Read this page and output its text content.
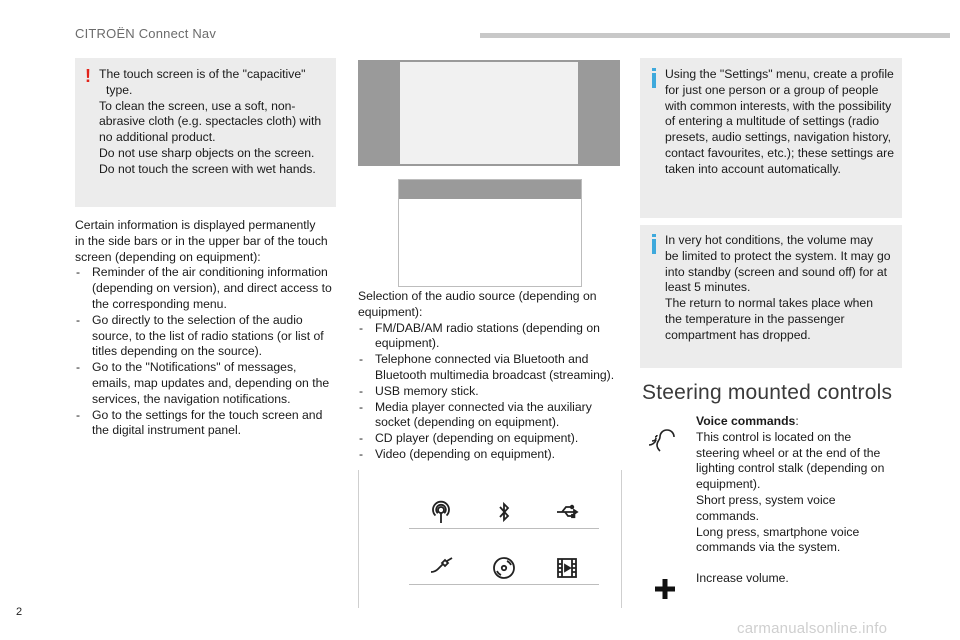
CITROËN Connect Nav
! The touch screen is of the "capacitive"

type.

To clean the screen, use a soft, non-

abrasive cloth (e.g. spectacles cloth) with

no additional product.

Do not use sharp objects on the screen.

Do not touch the screen with wet hands.

Certain information is displayed permanently

in the side bars or in the upper bar of the touch

screen (depending on equipment):

- Reminder of the air conditioning information
(depending on version), and direct access to
the corresponding menu.
- Go directly to the selection of the audio
source, to the list of radio stations (or list of
titles depending on the source).
- Go to the "Notifications" of messages,
emails, map updates and, depending on the
services, the navigation notifications.
- Go to the settings for the touch screen and
the digital instrument panel.

Selection of the audio source (depending on

equipment):

- FM/DAB/AM radio stations (depending on
equipment).
- Telephone connected via Bluetooth and
Bluetooth multimedia broadcast (streaming).
- USB memory stick.
- Media player connected via the auxiliary
socket (depending on equipment).
- CD player (depending on equipment).
- Video (depending on equipment).

Using the "Settings" menu, create a profile

for just one person or a group of people

with common interests, with the possibility

of entering a multitude of settings (radio

presets, audio settings, navigation history,

contact favourites, etc.); these settings are

taken into account automatically.

In very hot conditions, the volume may

be limited to protect the system. It may go

into standby (screen and sound off) for at

least 5 minutes.

The return to normal takes place when

the temperature in the passenger

compartment has dropped.

Steering mounted controls

Voice commands:

This control is located on the

steering wheel or at the end of the

lighting control stalk (depending on

equipment).

Short press, system voice

commands.

Long press, smartphone voice

commands via the system.

Increase volume.
2
carmanualsonline.info
